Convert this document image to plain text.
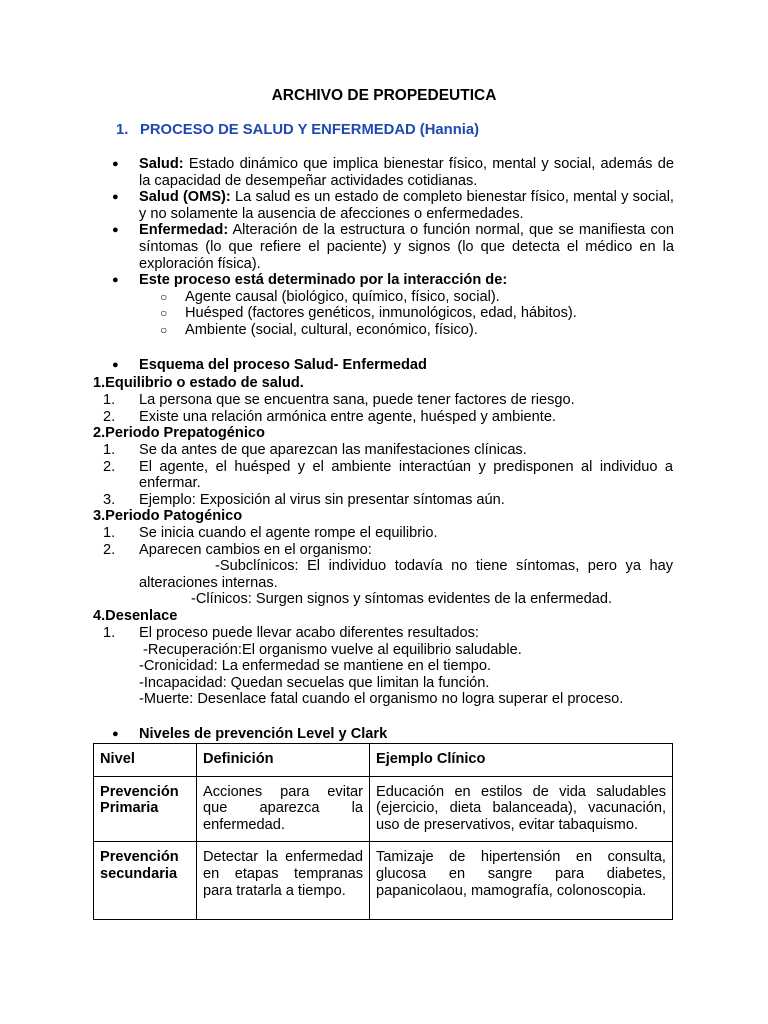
ARCHIVO DE PROPEDEUTICA
1. PROCESO DE SALUD Y ENFERMEDAD (Hannia)
● Salud: Estado dinámico que implica bienestar físico, mental y social, además de la capacidad de desempeñar actividades cotidianas.
● Salud (OMS): La salud es un estado de completo bienestar físico, mental y social, y no solamente la ausencia de afecciones o enfermedades.
● Enfermedad: Alteración de la estructura o función normal, que se manifiesta con síntomas (lo que refiere el paciente) y signos (lo que detecta el médico en la exploración física).
● Este proceso está determinado por la interacción de:
○ Agente causal (biológico, químico, físico, social).
○ Huésped (factores genéticos, inmunológicos, edad, hábitos).
○ Ambiente (social, cultural, económico, físico).
● Esquema del proceso Salud- Enfermedad
1.Equilibrio o estado de salud.
1. La persona que se encuentra sana, puede tener factores de riesgo.
2. Existe una relación armónica entre agente, huésped y ambiente.
2.Periodo Prepatogénico
1. Se da antes de que aparezcan las manifestaciones clínicas.
2. El agente, el huésped y el ambiente interactúan y predisponen al individuo a enfermar.
3. Ejemplo: Exposición al virus sin presentar síntomas aún.
3.Periodo Patogénico
1. Se inicia cuando el agente rompe el equilibrio.
2. Aparecen cambios en el organismo:
-Subclínicos: El individuo todavía no tiene síntomas, pero ya hay alteraciones internas.
-Clínicos: Surgen signos y síntomas evidentes de la enfermedad.
4.Desenlace
1. El proceso puede llevar acabo diferentes resultados:
-Recuperación:El organismo vuelve al equilibrio saludable.
-Cronicidad: La enfermedad se mantiene en el tiempo.
-Incapacidad: Quedan secuelas que limitan la función.
-Muerte: Desenlace fatal cuando el organismo no logra superar el proceso.
● Niveles de prevención Level y Clark
Nivel	Definición	Ejemplo Clínico
Prevención Primaria	Acciones para evitar que aparezca la enfermedad.	Educación en estilos de vida saludables (ejercicio, dieta balanceada), vacunación, uso de preservativos, evitar tabaquismo.
Prevención secundaria	Detectar la enfermedad en etapas tempranas para tratarla a tiempo.	Tamizaje de hipertensión en consulta, glucosa en sangre para diabetes, papanicolaou, mamografía, colonoscopia.
